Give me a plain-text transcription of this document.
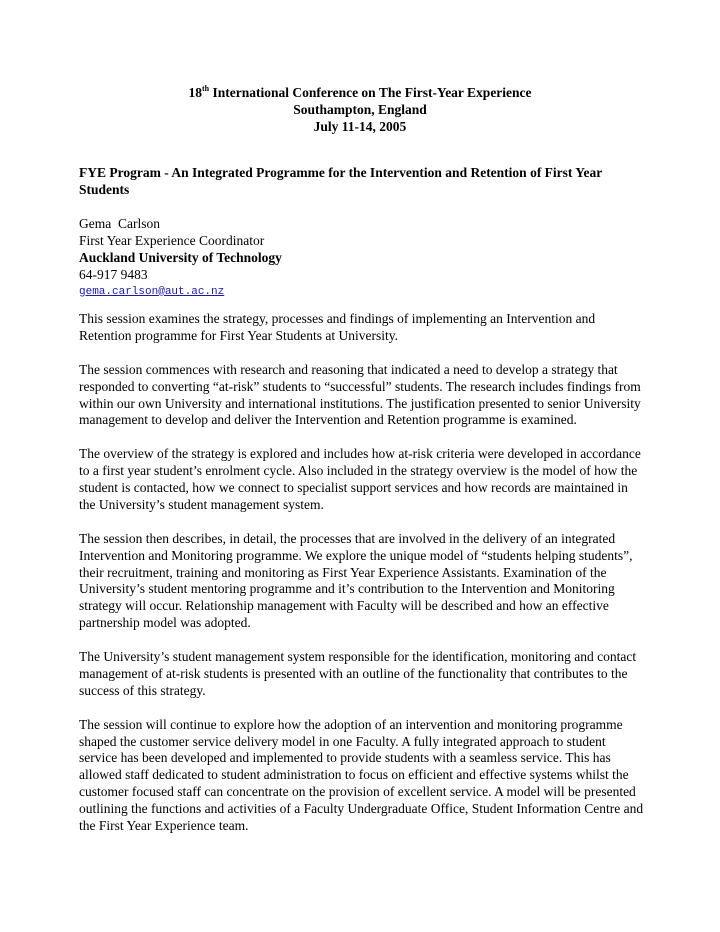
18th International Conference on The First-Year Experience
Southampton, England
July 11-14, 2005
FYE Program - An Integrated Programme for the Intervention and Retention of First Year Students
Gema  Carlson
First Year Experience Coordinator
Auckland University of Technology
64-917 9483
gema.carlson@aut.ac.nz

This session examines the strategy, processes and findings of implementing an Intervention and Retention programme for First Year Students at University.

The session commences with research and reasoning that indicated a need to develop a strategy that responded to converting “at-risk” students to “successful” students. The research includes findings from within our own University and international institutions. The justification presented to senior University management to develop and deliver the Intervention and Retention programme is examined.

The overview of the strategy is explored and includes how at-risk criteria were developed in accordance to a first year student’s enrolment cycle. Also included in the strategy overview is the model of how the student is contacted, how we connect to specialist support services and how records are maintained in the University’s student management system.

The session then describes, in detail, the processes that are involved in the delivery of an integrated Intervention and Monitoring programme. We explore the unique model of “students helping students”, their recruitment, training and monitoring as First Year Experience Assistants. Examination of the University’s student mentoring programme and it’s contribution to the Intervention and Monitoring strategy will occur. Relationship management with Faculty will be described and how an effective partnership model was adopted.

The University’s student management system responsible for the identification, monitoring and contact management of at-risk students is presented with an outline of the functionality that contributes to the success of this strategy.

The session will continue to explore how the adoption of an intervention and monitoring programme shaped the customer service delivery model in one Faculty. A fully integrated approach to student service has been developed and implemented to provide students with a seamless service. This has allowed staff dedicated to student administration to focus on efficient and effective systems whilst the customer focused staff can concentrate on the provision of excellent service. A model will be presented outlining the functions and activities of a Faculty Undergraduate Office, Student Information Centre and the First Year Experience team.
